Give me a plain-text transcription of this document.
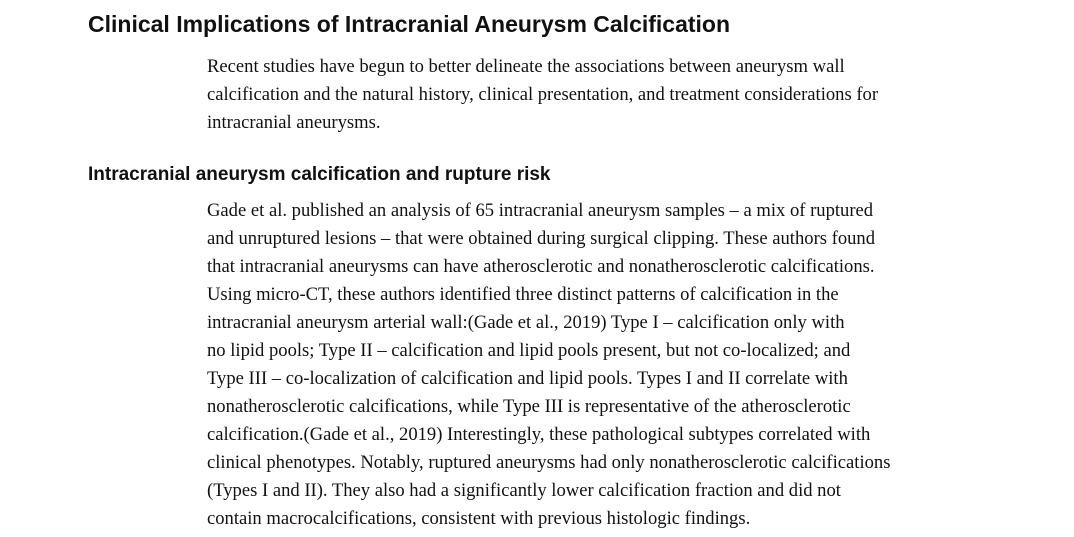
Clinical Implications of Intracranial Aneurysm Calcification

Recent studies have begun to better delineate the associations between aneurysm wall
calcification and the natural history, clinical presentation, and treatment considerations for
intracranial aneurysms.

Intracranial aneurysm calcification and rupture risk

Gade et al. published an analysis of 65 intracranial aneurysm samples – a mix of ruptured
and unruptured lesions – that were obtained during surgical clipping. These authors found
that intracranial aneurysms can have atherosclerotic and nonatherosclerotic calcifications.
Using micro-CT, these authors identified three distinct patterns of calcification in the
intracranial aneurysm arterial wall:(Gade et al., 2019) Type I – calcification only with
no lipid pools; Type II – calcification and lipid pools present, but not co-localized; and
Type III – co-localization of calcification and lipid pools. Types I and II correlate with
nonatherosclerotic calcifications, while Type III is representative of the atherosclerotic
calcification.(Gade et al., 2019) Interestingly, these pathological subtypes correlated with
clinical phenotypes. Notably, ruptured aneurysms had only nonatherosclerotic calcifications
(Types I and II). They also had a significantly lower calcification fraction and did not
contain macrocalcifications, consistent with previous histologic findings.
